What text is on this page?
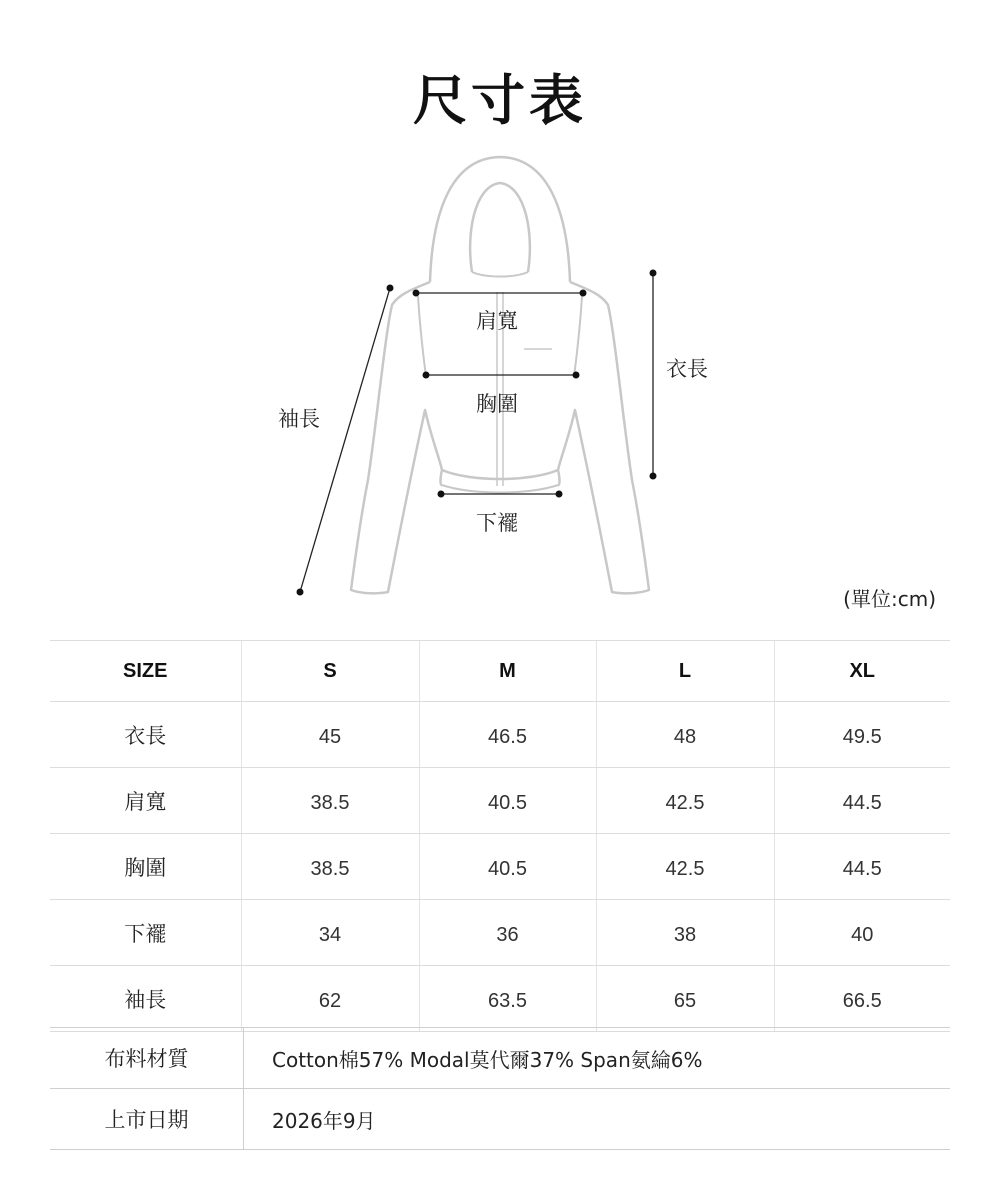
尺寸表
肩寬
胸圍
衣長
袖長
下襬
(單位:cm)
SIZE	S	M	L	XL
衣長	45	46.5	48	49.5
肩寬	38.5	40.5	42.5	44.5
胸圍	38.5	40.5	42.5	44.5
下襬	34	36	38	40
袖長	62	63.5	65	66.5
布料材質	Cotton棉57% Modal莫代爾37% Span氨綸6%
上市日期	2026年9月
